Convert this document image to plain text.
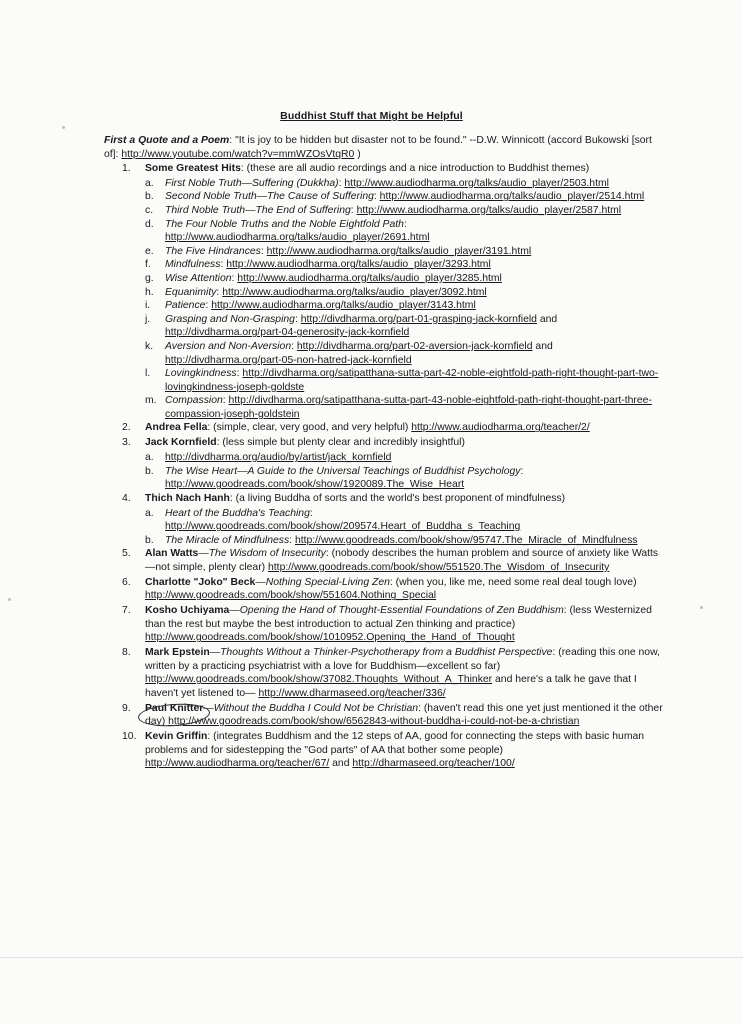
Buddhist Stuff that Might be Helpful
First a Quote and a Poem: "It is joy to be hidden but disaster not to be found." --D.W. Winnicott (accord Bukowski [sort of]: http://www.youtube.com/watch?v=mmWZOsVtqR0 )
1. Some Greatest Hits: (these are all audio recordings and a nice introduction to Buddhist themes)
a. First Noble Truth—Suffering (Dukkha): http://www.audiodharma.org/talks/audio_player/2503.html
b. Second Noble Truth—The Cause of Suffering: http://www.audiodharma.org/talks/audio_player/2514.html
c. Third Noble Truth—The End of Suffering: http://www.audiodharma.org/talks/audio_player/2587.html
d. The Four Noble Truths and the Noble Eightfold Path: http://www.audiodharma.org/talks/audio_player/2691.html
e. The Five Hindrances: http://www.audiodharma.org/talks/audio_player/3191.html
f. Mindfulness: http://www.audiodharma.org/talks/audio_player/3293.html
g. Wise Attention: http://www.audiodharma.org/talks/audio_player/3285.html
h. Equanimity: http://www.audiodharma.org/talks/audio_player/3092.html
i. Patience: http://www.audiodharma.org/talks/audio_player/3143.html
j. Grasping and Non-Grasping: http://divdharma.org/part-01-grasping-jack-kornfield and http://divdharma.org/part-04-generosity-jack-kornfield
k. Aversion and Non-Aversion: http://divdharma.org/part-02-aversion-jack-kornfield and http://divdharma.org/part-05-non-hatred-jack-kornfield
l. Lovingkindness: http://divdharma.org/satipatthana-sutta-part-42-noble-eightfold-path-right-thought-part-two-lovingkindness-joseph-goldste
m. Compassion: http://divdharma.org/satipatthana-sutta-part-43-noble-eightfold-path-right-thought-part-three-compassion-joseph-goldstein
2. Andrea Fella: (simple, clear, very good, and very helpful) http://www.audiodharma.org/teacher/2/
3. Jack Kornfield: (less simple but plenty clear and incredibly insightful)
a. http://divdharma.org/audio/by/artist/jack_kornfield
b. The Wise Heart—A Guide to the Universal Teachings of Buddhist Psychology: http://www.goodreads.com/book/show/1920089.The_Wise_Heart
4. Thich Nach Hanh: (a living Buddha of sorts and the world's best proponent of mindfulness)
a. Heart of the Buddha's Teaching: http://www.goodreads.com/book/show/209574.Heart_of_Buddha_s_Teaching
b. The Miracle of Mindfulness: http://www.goodreads.com/book/show/95747.The_Miracle_of_Mindfulness
5. Alan Watts—The Wisdom of Insecurity: (nobody describes the human problem and source of anxiety like Watts—not simple, plenty clear) http://www.goodreads.com/book/show/551520.The_Wisdom_of_Insecurity
6. Charlotte "Joko" Beck—Nothing Special-Living Zen: (when you, like me, need some real deal tough love) http://www.goodreads.com/book/show/551604.Nothing_Special
7. Kosho Uchiyama—Opening the Hand of Thought-Essential Foundations of Zen Buddhism: (less Westernized than the rest but maybe the best introduction to actual Zen thinking and practice) http://www.goodreads.com/book/show/1010952.Opening_the_Hand_of_Thought
8. Mark Epstein—Thoughts Without a Thinker-Psychotherapy from a Buddhist Perspective: (reading this one now, written by a practicing psychiatrist with a love for Buddhism—excellent so far) http://www.goodreads.com/book/show/37082.Thoughts_Without_A_Thinker and here's a talk he gave that I haven't yet listened to— http://www.dharmaseed.org/teacher/336/
9. Paul Knitter—Without the Buddha I Could Not be Christian: (haven't read this one yet just mentioned it the other day) http://www.goodreads.com/book/show/6562843-without-buddha-i-could-not-be-a-christian
10. Kevin Griffin: (integrates Buddhism and the 12 steps of AA, good for connecting the steps with basic human problems and for sidestepping the "God parts" of AA that bother some people) http://www.audiodharma.org/teacher/67/ and http://dharmaseed.org/teacher/100/
